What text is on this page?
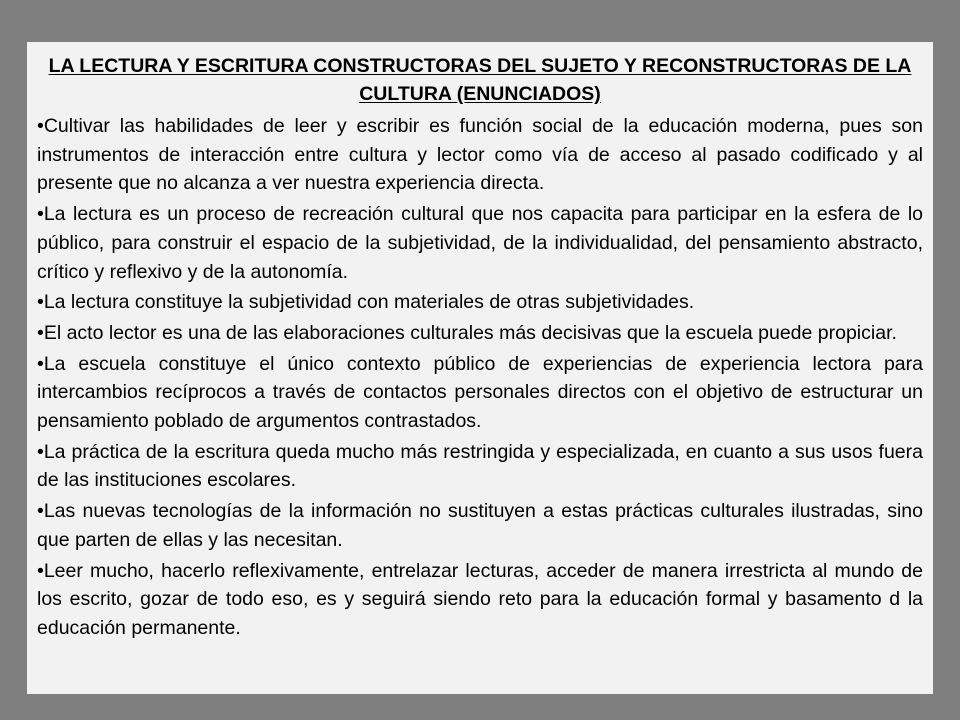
LA LECTURA Y ESCRITURA CONSTRUCTORAS DEL SUJETO Y RECONSTRUCTORAS DE LA CULTURA (ENUNCIADOS)
•Cultivar las habilidades de leer y escribir es función social de la educación moderna, pues son instrumentos de interacción entre cultura y lector como vía de acceso al pasado codificado y al presente que no alcanza a ver nuestra experiencia directa.
•La lectura es un proceso de recreación cultural que nos capacita para participar en la esfera de lo público, para construir el espacio de la subjetividad, de la individualidad, del pensamiento abstracto, crítico y reflexivo y de la autonomía.
•La lectura constituye la subjetividad con materiales de otras subjetividades.
•El acto lector es una de las elaboraciones culturales más decisivas que la escuela puede propiciar.
•La escuela constituye el único contexto público de experiencias de experiencia lectora para intercambios recíprocos a través de contactos personales directos con el objetivo de estructurar un pensamiento poblado de argumentos contrastados.
•La práctica de la escritura queda mucho más restringida y especializada, en cuanto a sus usos fuera de las instituciones escolares.
•Las nuevas tecnologías de la información no sustituyen a estas prácticas culturales ilustradas, sino que parten de ellas y las necesitan.
•Leer mucho, hacerlo reflexivamente, entrelazar lecturas, acceder de manera irrestricta al mundo de los escrito, gozar de todo eso, es y seguirá siendo reto para la educación formal y basamento d la educación permanente.
